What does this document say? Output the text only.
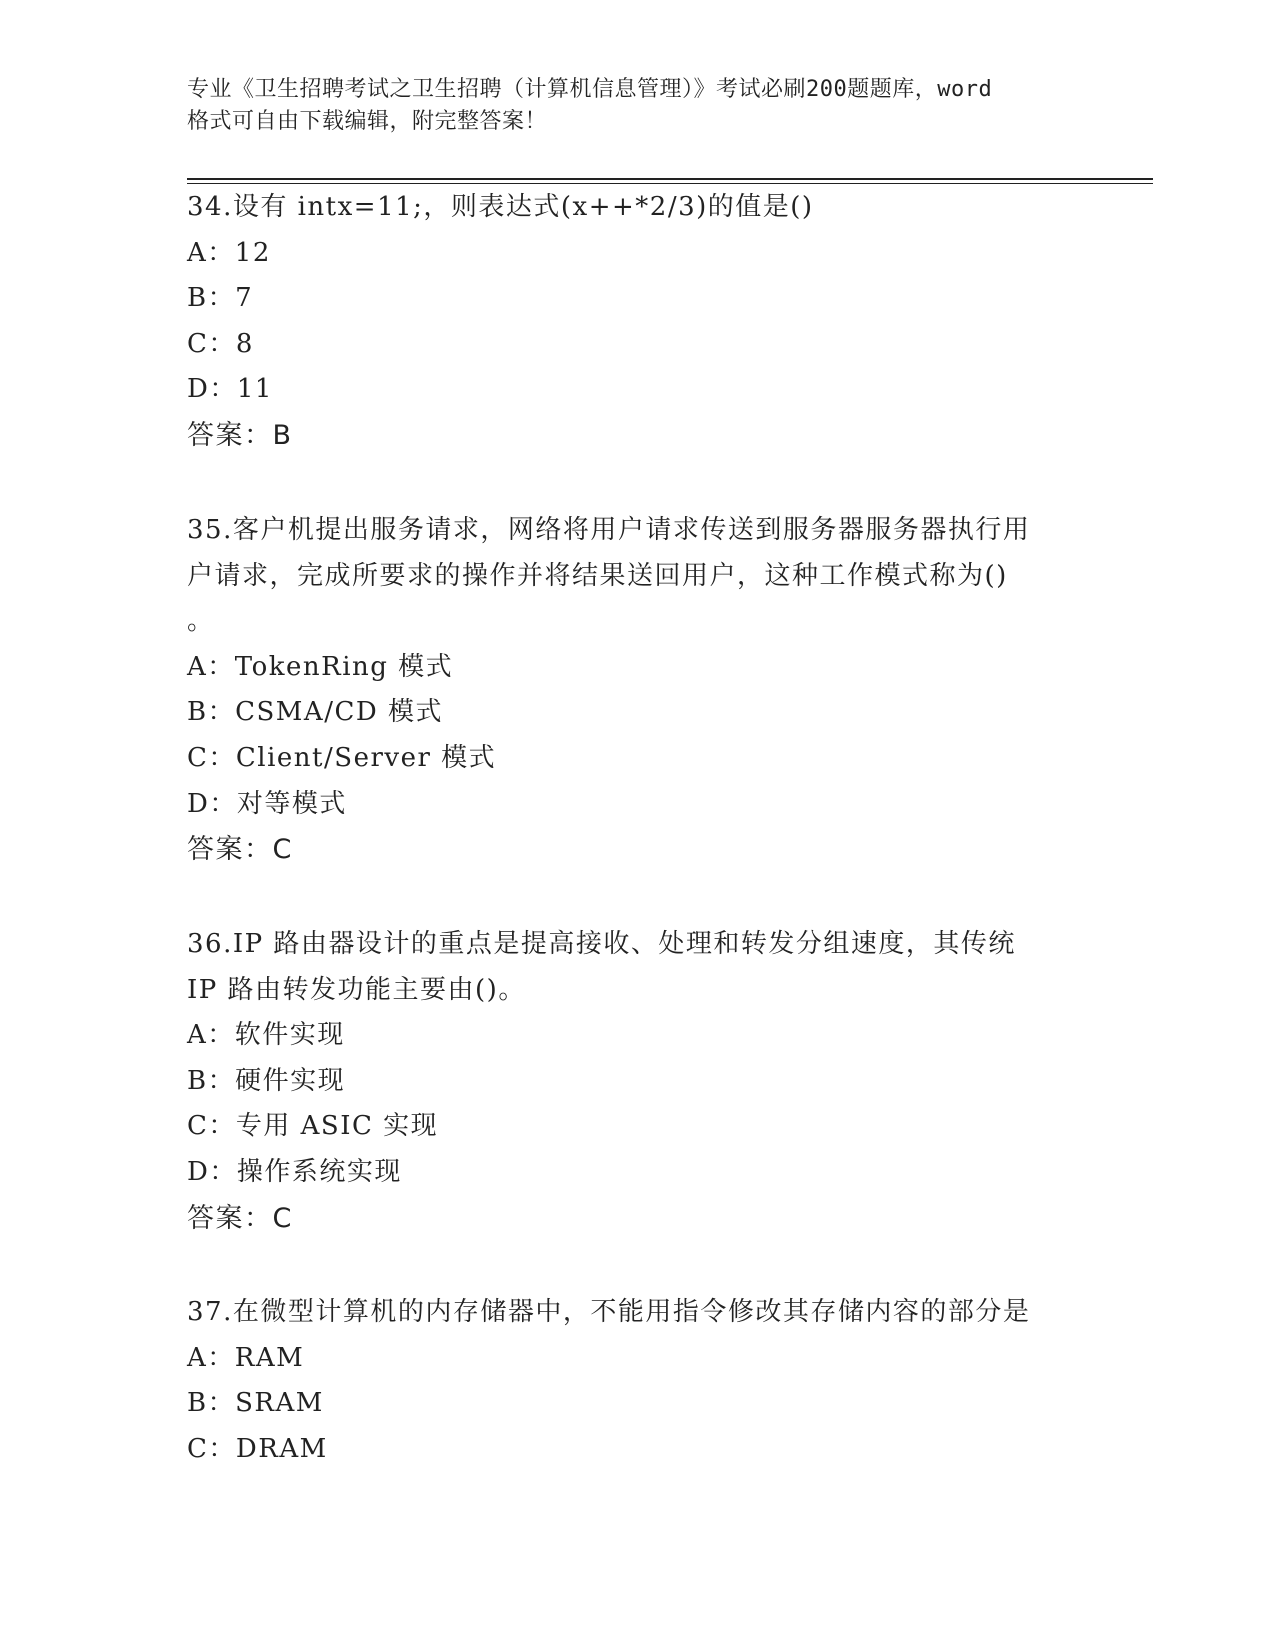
专业《卫生招聘考试之卫生招聘（计算机信息管理）》考试必刷200题题库，word
格式可自由下载编辑，附完整答案！
34.设有 intx=11;，则表达式(x++*2/3)的值是()
A：12
B：7
C：8
D：11
答案：B
35.客户机提出服务请求，网络将用户请求传送到服务器服务器执行用
户请求，完成所要求的操作并将结果送回用户，这种工作模式称为()
。
A：TokenRing 模式
B：CSMA/CD 模式
C：Client/Server 模式
D：对等模式
答案：C
36.IP 路由器设计的重点是提高接收、处理和转发分组速度，其传统
IP 路由转发功能主要由()。
A：软件实现
B：硬件实现
C：专用 ASIC 实现
D：操作系统实现
答案：C
37.在微型计算机的内存储器中，不能用指令修改其存储内容的部分是
A：RAM
B：SRAM
C：DRAM
